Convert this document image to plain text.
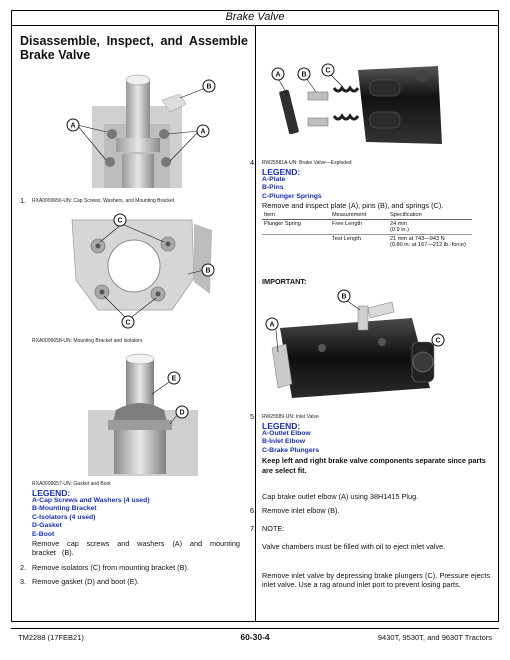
Brake Valve
Disassemble, Inspect, and Assemble Brake Valve
A
A
B
1. RXA0099656-UN: Cap Screws, Washers, and Mounting Bracket
C
C
B
RXA0099658-UN: Mounting Bracket and Isolators
E
D
RXA0099657-UN: Gasket and Boot
LEGEND:
A-Cap Screws and Washers (4 used)
B-Mounting Bracket
C-Isolators (4 used)
D-Gasket
E-Boot
Remove cap screws and washers (A) and mounting bracket (B).
2. Remove isolators (C) from mounting bracket (B).
3. Remove gasket (D) and boot (E).
A	B
C
4. RW25581A-UN: Brake Valve—Exploded
LEGEND:
A-Plate
B-Pins
C-Plunger Springs
Remove and inspect plate (A), pins (B), and springs (C).
Item	Measurement	Specification
Plunger Spring	Free Length	24 mm
(0.9 in.)

	Test Length	21 mm at 743—943 N
(0.80 in. at 167—212 lb.-force)
IMPORTANT:
A
B
C
5. RW25589-UN: Inlet Valve
LEGEND:
A-Outlet Elbow
B-Inlet Elbow
C-Brake Plungers
Keep left and right brake valve components separate since parts are select fit.
Cap brake outlet elbow (A) using 38H1415 Plug.
6. Remove inlet elbow (B).
7. NOTE:
Valve chambers must be filled with oil to eject inlet valve.
Remove inlet valve by depressing brake plungers (C). Pressure ejects inlet valve. Use a rag around inlet port to prevent losing parts.
TM2288 (17FEB21)	60-30-4	9430T, 9530T, and 9630T Tractors
